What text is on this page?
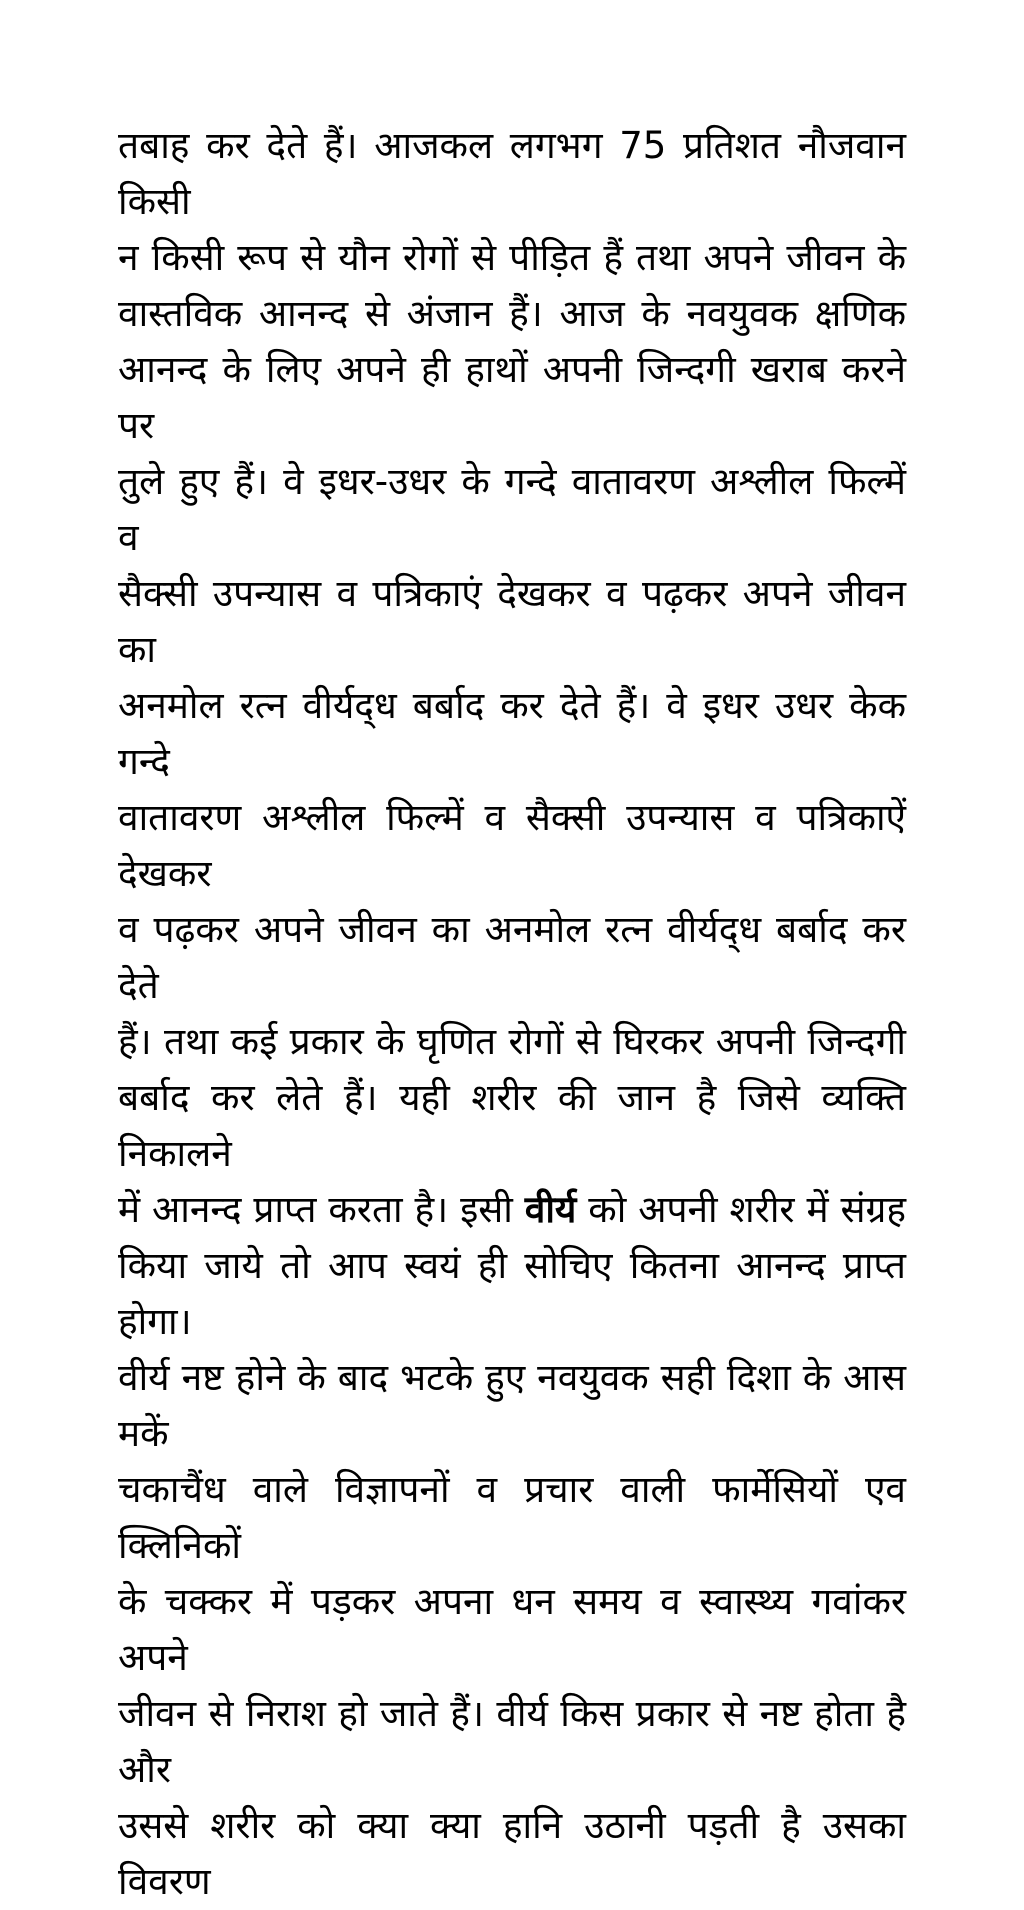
तबाह कर देते हैं। आजकल लगभग 75 प्रतिशत नौजवान किसी
न किसी रूप से यौन रोगों से पीड़ित हैं तथा अपने जीवन के
वास्तविक आनन्द से अंजान हैं। आज के नवयुवक क्षणिक
आनन्द के लिए अपने ही हाथों अपनी जिन्दगी खराब करने पर
तुले हुए हैं। वे इधर-उधर के गन्दे वातावरण अश्लील फिल्में व
सैक्सी उपन्यास व पत्रिकाएं देखकर व पढ़कर अपने जीवन का
अनमोल रत्न वीर्यद्‌ध बर्बाद कर देते हैं। वे इधर उधर केक गन्दे
वातावरण अश्लील फिल्में व सैक्सी उपन्यास व पत्रिकाऐं देखकर
व पढ़कर अपने जीवन का अनमोल रत्न वीर्यद्‌ध बर्बाद कर देते
हैं। तथा कई प्रकार के घृणित रोगों से घिरकर अपनी जिन्दगी
बर्बाद कर लेते हैं। यही शरीर की जान है जिसे व्यक्ति निकालने
में आनन्द प्राप्त करता है। इसी वीर्य को अपनी शरीर में संग्रह
किया जाये तो आप स्वयं ही सोचिए कितना आनन्द प्राप्त होगा।
वीर्य नष्ट होने के बाद भटके हुए नवयुवक सही दिशा के आस मकें
चकाचैंध वाले विज्ञापनों व प्रचार वाली फार्मेसियों एव क्लिनिकों
के चक्कर में पड़कर अपना धन समय व स्वास्थ्य गवांकर अपने
जीवन से निराश हो जाते हैं। वीर्य किस प्रकार से नष्ट होता है और
उससे शरीर को क्या क्या हानि उठानी पड़ती है उसका विवरण
